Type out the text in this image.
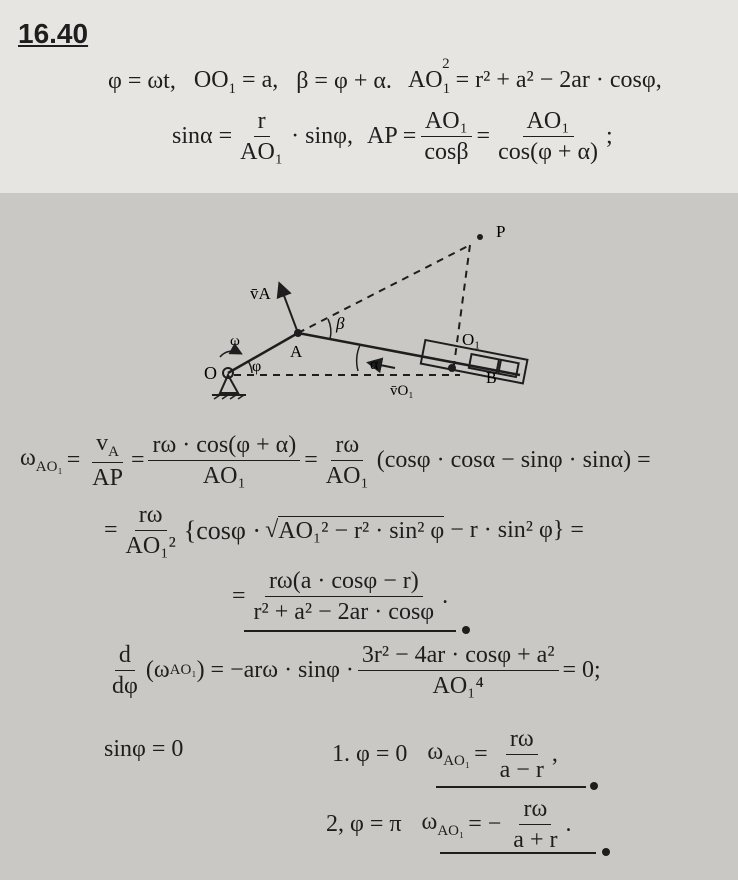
16.40
φ = ωt, $OO_1 = a$, β = φ + α. $AO_1^2 = r^2 + a^2 - 2ar \cdot \cos\varphi$,
$\sin\alpha = \frac{r}{\text{AO₁}} \cdot \sin\varphi$, AP = $\frac{\text{AO₁}}{\cos\beta} = \frac{\text{AO₁}}{\cos(\varphi + \alpha)}$ ;
P
v̄A
β
ω
O φ
A
α
O₁
v̄O₁
B
$\omega_{AO_1} = \frac{v_A}{AP} = \frac{r\omega \cdot \cos(\varphi + \alpha)}{\text{AO₁}} = \frac{r\omega}{\text{AO₁}} (\cos\varphi \cdot \cos\alpha - \sin\varphi \cdot \sin\alpha)$ =
= $\frac{r\omega}{\text{AO₁²}} \{\cos\varphi$ · √ AO₁² − r² · sin² φ − r · sin² φ} =
= $\frac{r\omega(a \cdot \cos\varphi - r)}{\text{r² + a² − 2ar · cosφ}}$ .
$\frac{d}{d\varphi} (\omega$ AO₁ ) = $-ar\omega \cdot \sin\varphi \cdot \frac{\text{3r² − 4ar · cosφ + a²}}{\text{AO₁⁴}} = 0$;
sinφ = 0	1. φ = 0 $\omega_{AO_1} = \frac{r\omega}{a - r}$ ,
2, φ = π $\omega_{AO_1}$ = − $\frac{r\omega}{a + r}$ .
